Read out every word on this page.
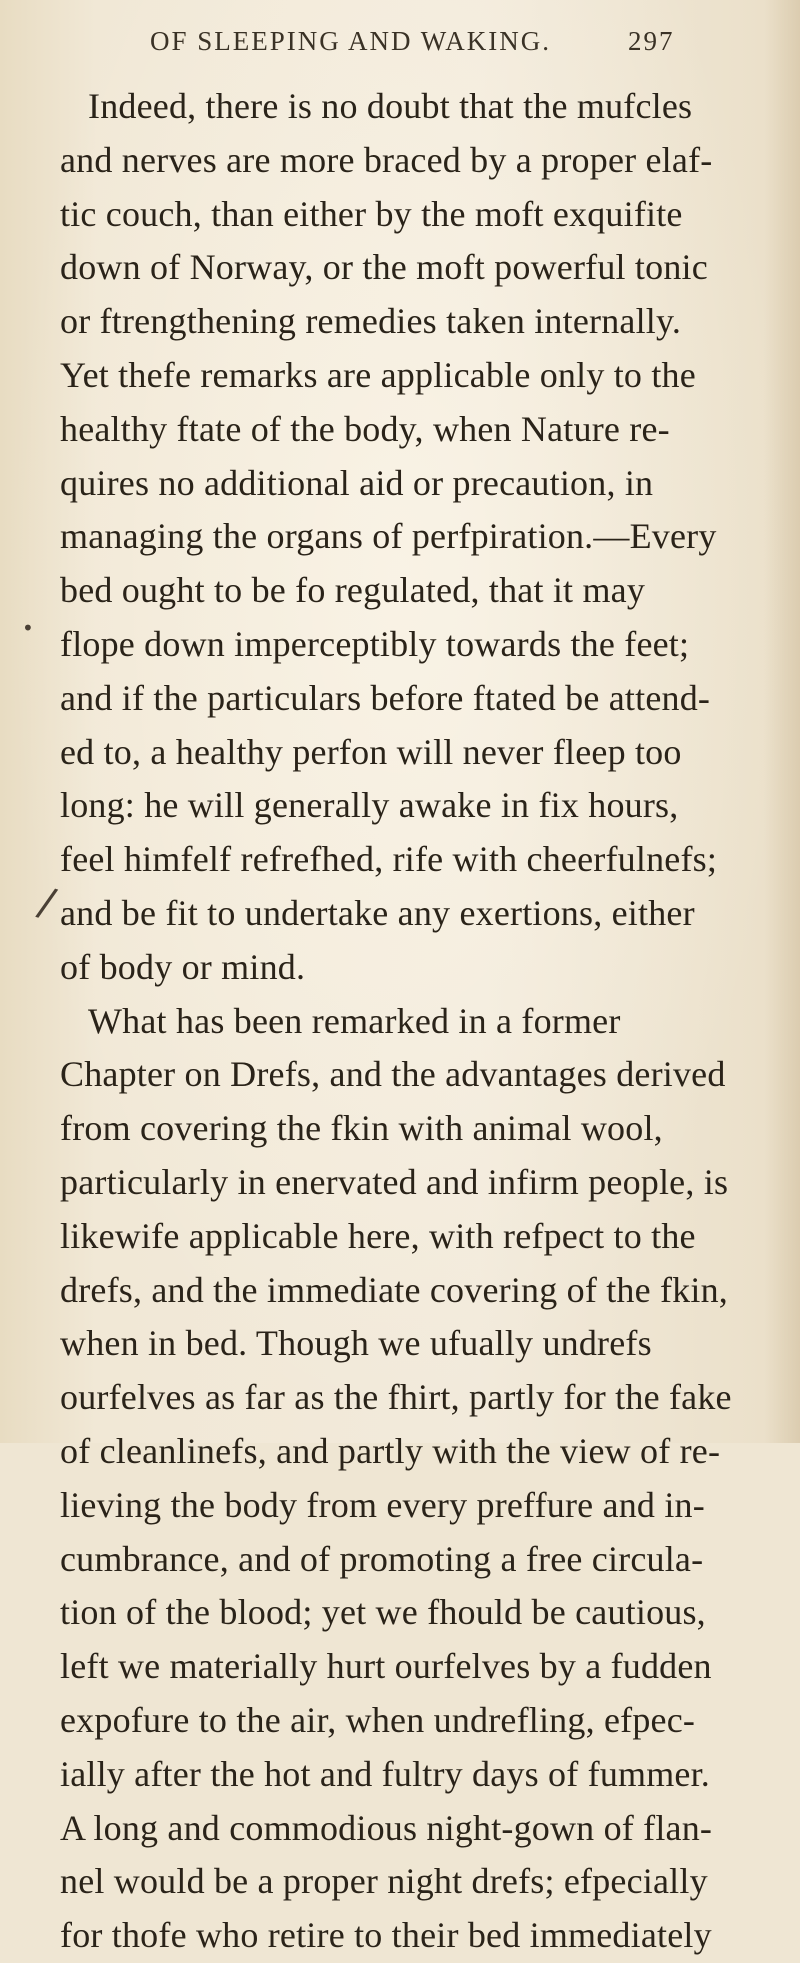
OF SLEEPING AND WAKING.	297
•
/
Indeed, there is no doubt that the mufcles
and nerves are more braced by a proper elaf-
tic couch, than either by the moft exquifite
down of Norway, or the moft powerful tonic
or ftrengthening remedies taken internally.
Yet thefe remarks are applicable only to the
healthy ftate of the body, when Nature re-
quires no additional aid or precaution, in
managing the organs of perfpiration.—Every
bed ought to be fo regulated, that it may
flope down imperceptibly towards the feet;
and if the particulars before ftated be attend-
ed to, a healthy perfon will never fleep too
long: he will generally awake in fix hours,
feel himfelf refrefhed, rife with cheerfulnefs;
and be fit to undertake any exertions, either
of body or mind.
What has been remarked in a former
Chapter on Drefs, and the advantages derived
from covering the fkin with animal wool,
particularly in enervated and infirm people, is
likewife applicable here, with refpect to the
drefs, and the immediate covering of the fkin,
when in bed. Though we ufually undrefs
ourfelves as far as the fhirt, partly for the fake
of cleanlinefs, and partly with the view of re-
lieving the body from every preffure and in-
cumbrance, and of promoting a free circula-
tion of the blood; yet we fhould be cautious,
left we materially hurt ourfelves by a fudden
expofure to the air, when undrefling, efpec-
ially after the hot and fultry days of fummer.
A long and commodious night-gown of flan-
nel would be a proper night drefs; efpecially
for thofe who retire to their bed immediately
